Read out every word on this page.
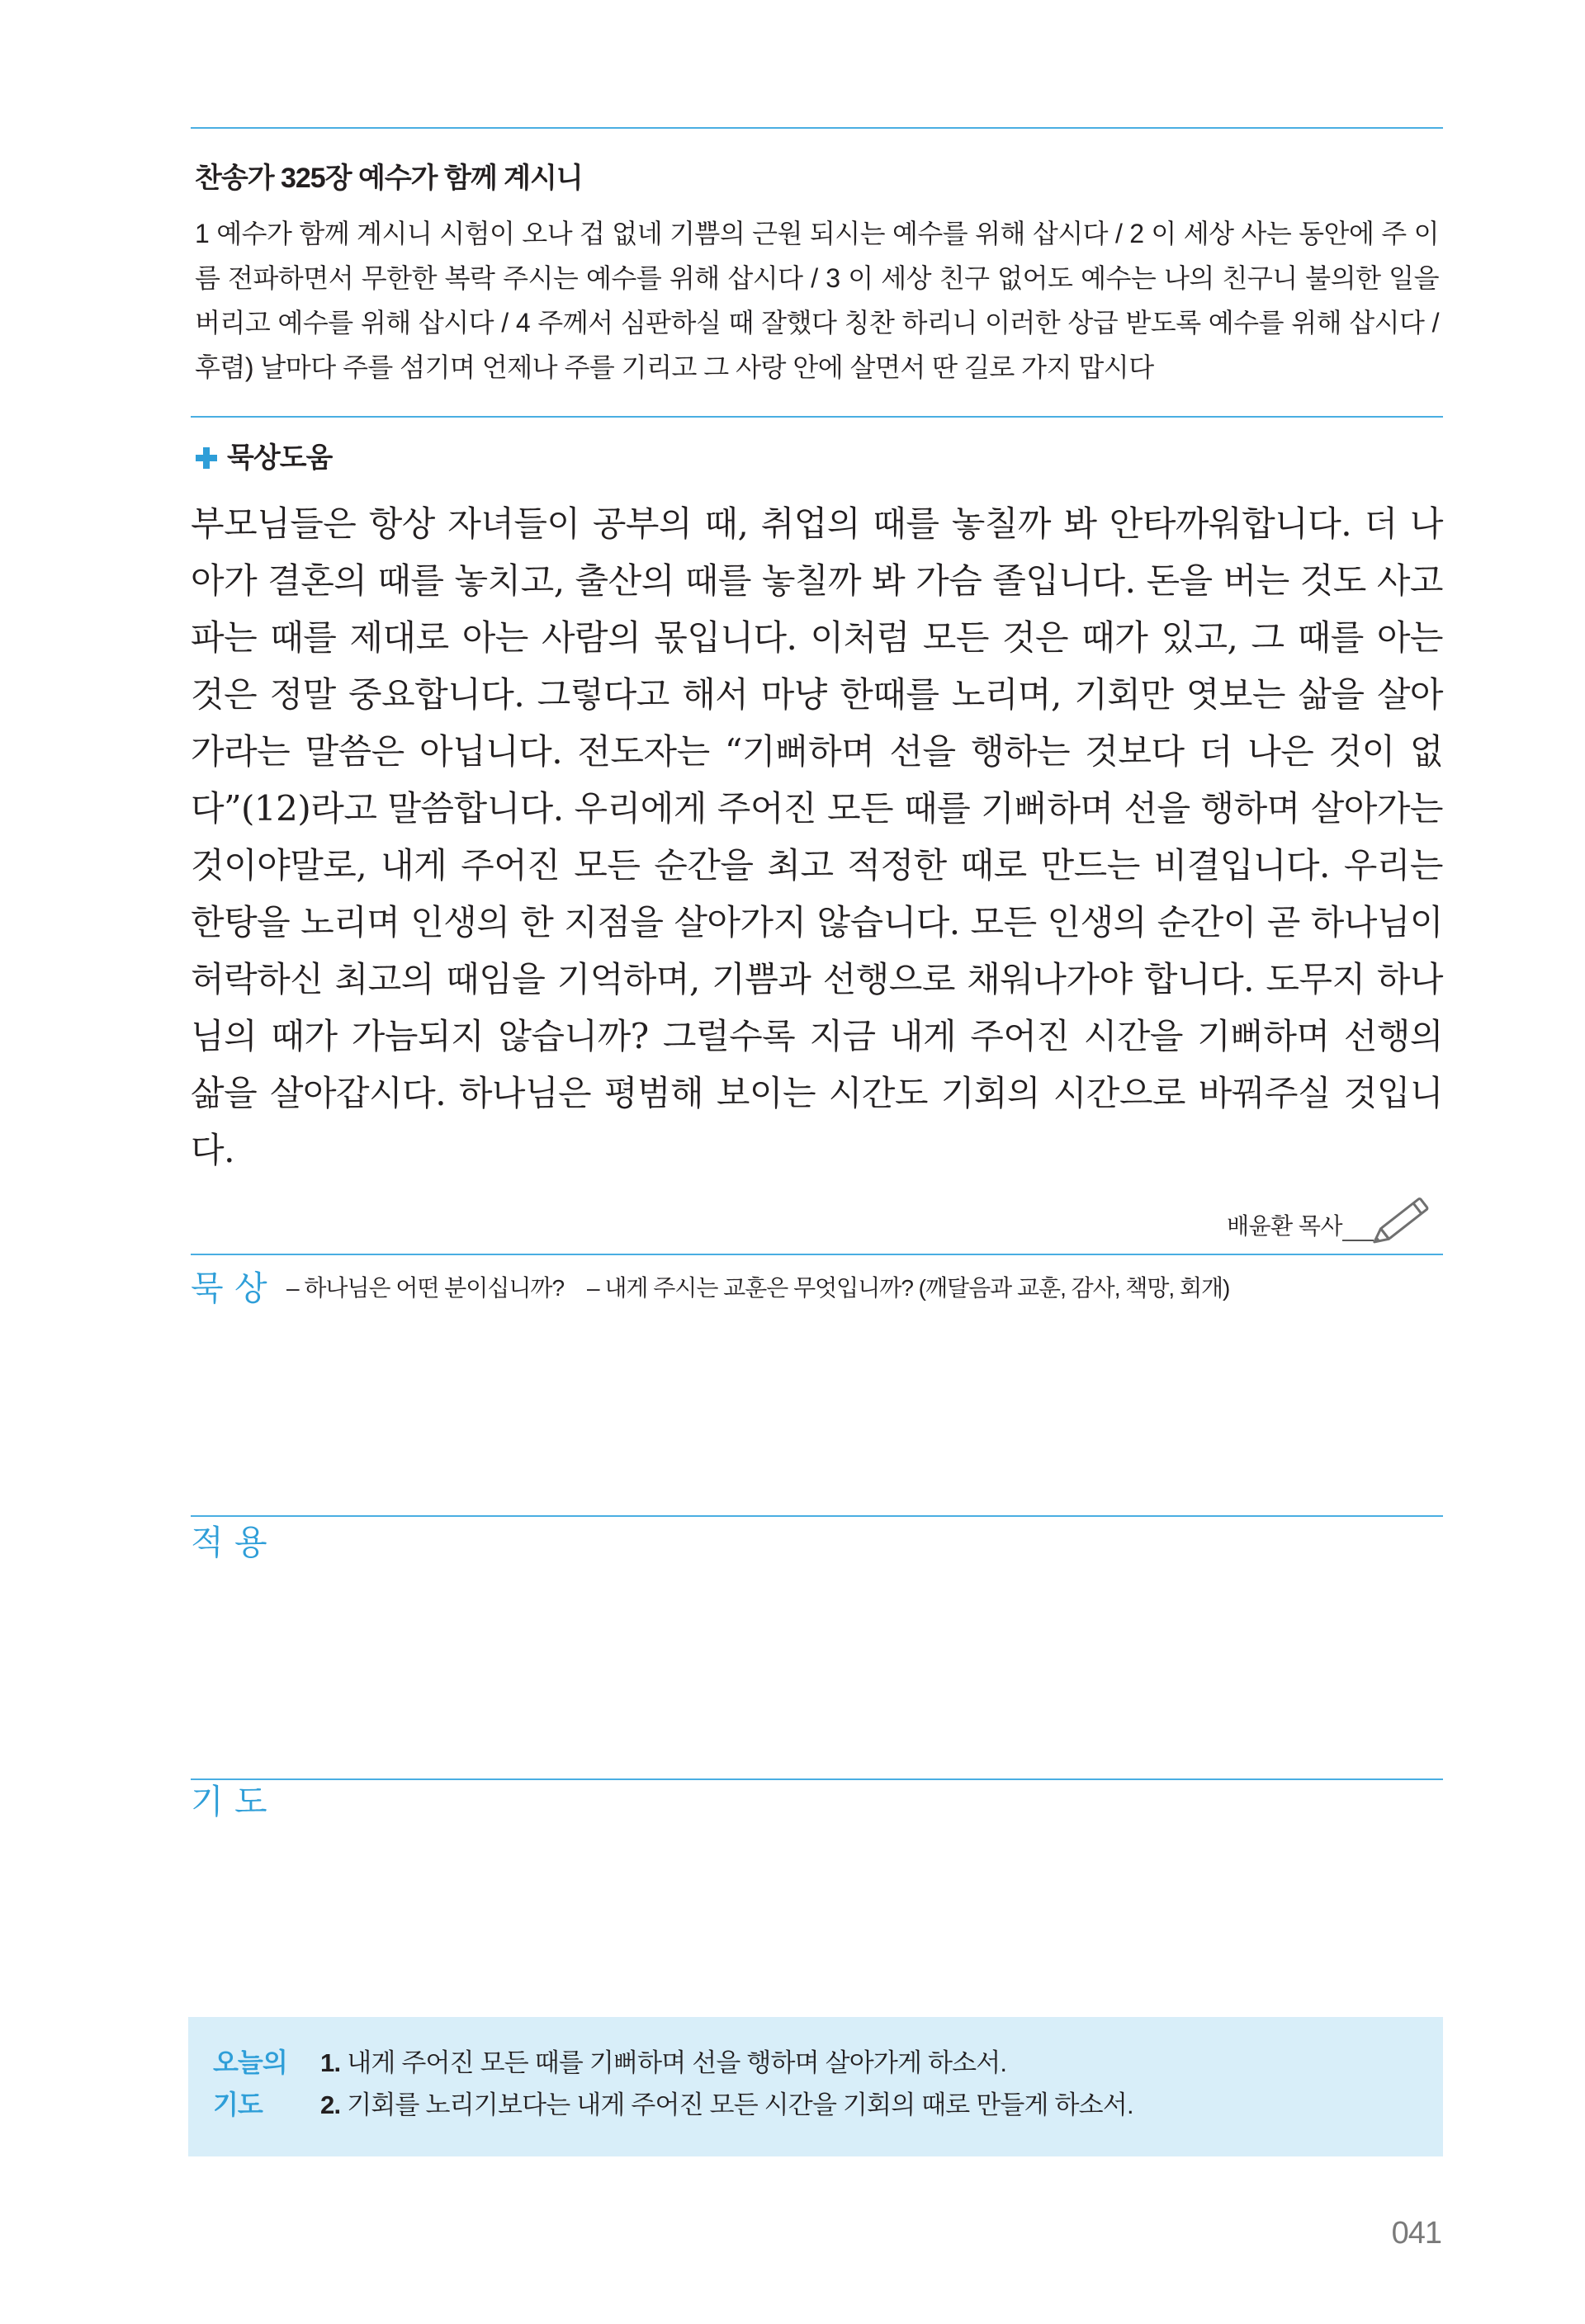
찬송가 325장 예수가 함께 계시니
1 예수가 함께 계시니 시험이 오나 겁 없네 기쁨의 근원 되시는 예수를 위해 삽시다 / 2 이 세상 사는 동안에 주 이름 전파하면서 무한한 복락 주시는 예수를 위해 삽시다 / 3 이 세상 친구 없어도 예수는 나의 친구니 불의한 일을 버리고 예수를 위해 삽시다 / 4 주께서 심판하실 때 잘했다 칭찬 하리니 이러한 상급 받도록 예수를 위해 삽시다 / 후렴) 날마다 주를 섬기며 언제나 주를 기리고 그 사랑 안에 살면서 딴 길로 가지 맙시다
묵상도움

부모님들은 항상 자녀들이 공부의 때, 취업의 때를 놓칠까 봐 안타까워합니다. 더 나아가 결혼의 때를 놓치고, 출산의 때를 놓칠까 봐 가슴 졸입니다. 돈을 버는 것도 사고파는 때를 제대로 아는 사람의 몫입니다. 이처럼 모든 것은 때가 있고, 그 때를 아는 것은 정말 중요합니다. 그렇다고 해서 마냥 한때를 노리며, 기회만 엿보는 삶을 살아가라는 말씀은 아닙니다. 전도자는 “기뻐하며 선을 행하는 것보다 더 나은 것이 없다”(12)라고 말씀합니다. 우리에게 주어진 모든 때를 기뻐하며 선을 행하며 살아가는 것이야말로, 내게 주어진 모든 순간을 최고 적정한 때로 만드는 비결입니다. 우리는 한탕을 노리며 인생의 한 지점을 살아가지 않습니다. 모든 인생의 순간이 곧 하나님이 허락하신 최고의 때임을 기억하며, 기쁨과 선행으로 채워나가야 합니다. 도무지 하나님의 때가 가늠되지 않습니까? 그럴수록 지금 내게 주어진 시간을 기뻐하며 선행의 삶을 살아갑시다. 하나님은 평범해 보이는 시간도 기회의 시간으로 바꿔주실 것입니다.

배윤환 목사
묵 상 – 하나님은 어떤 분이십니까? – 내게 주시는 교훈은 무엇입니까? (깨달음과 교훈, 감사, 책망, 회개)
적 용
기 도
오늘의
기도
1. 내게 주어진 모든 때를 기뻐하며 선을 행하며 살아가게 하소서.
2. 기회를 노리기보다는 내게 주어진 모든 시간을 기회의 때로 만들게 하소서.
041
